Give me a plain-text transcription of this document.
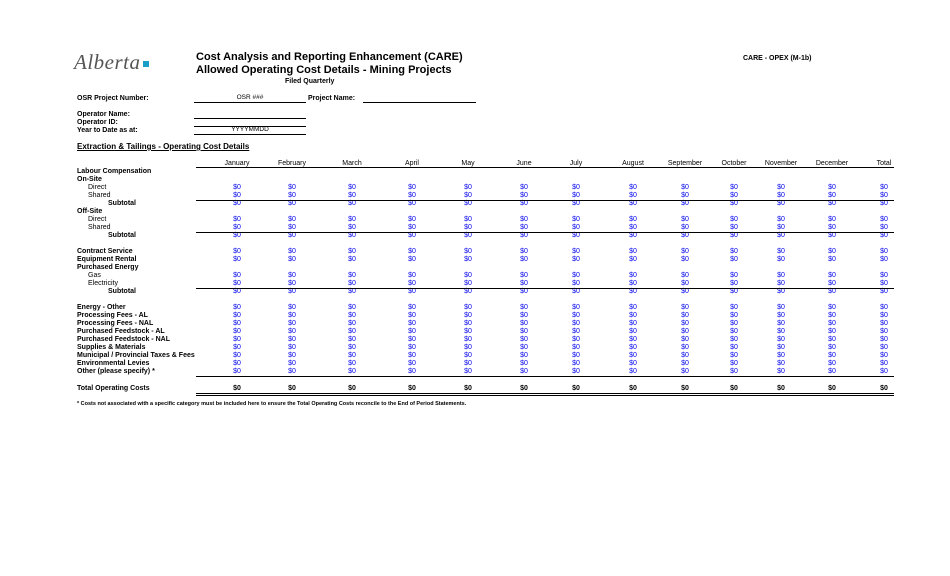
Alberta	Cost Analysis and Reporting Enhancement (CARE)
Allowed Operating Cost Details - Mining Projects
Filed Quarterly
CARE - OPEX (M-1b)
OSR Project Number:	OSR ###	Project Name:
Operator Name:
Operator ID:
Year to Date as at:	YYYYMMDD
Extraction & Tailings - Operating Cost Details
January	February	March	April	May	June	July	August	September	October	November	December	Total
Labour Compensation
On-Site
Direct	$0	$0	$0	$0	$0	$0	$0	$0	$0	$0	$0	$0	$0
Shared	$0	$0	$0	$0	$0	$0	$0	$0	$0	$0	$0	$0	$0
Subtotal	$0	$0	$0	$0	$0	$0	$0	$0	$0	$0	$0	$0	$0
Off-Site
Direct	$0	$0	$0	$0	$0	$0	$0	$0	$0	$0	$0	$0	$0
Shared	$0	$0	$0	$0	$0	$0	$0	$0	$0	$0	$0	$0	$0
Subtotal	$0	$0	$0	$0	$0	$0	$0	$0	$0	$0	$0	$0	$0
Contract Service	$0	$0	$0	$0	$0	$0	$0	$0	$0	$0	$0	$0	$0
Equipment Rental	$0	$0	$0	$0	$0	$0	$0	$0	$0	$0	$0	$0	$0
Purchased Energy
Gas	$0	$0	$0	$0	$0	$0	$0	$0	$0	$0	$0	$0	$0
Electricity	$0	$0	$0	$0	$0	$0	$0	$0	$0	$0	$0	$0	$0
Subtotal	$0	$0	$0	$0	$0	$0	$0	$0	$0	$0	$0	$0	$0
Energy - Other	$0	$0	$0	$0	$0	$0	$0	$0	$0	$0	$0	$0	$0
Processing Fees - AL	$0	$0	$0	$0	$0	$0	$0	$0	$0	$0	$0	$0	$0
Processing Fees - NAL	$0	$0	$0	$0	$0	$0	$0	$0	$0	$0	$0	$0	$0
Purchased Feedstock - AL	$0	$0	$0	$0	$0	$0	$0	$0	$0	$0	$0	$0	$0
Purchased Feedstock - NAL	$0	$0	$0	$0	$0	$0	$0	$0	$0	$0	$0	$0	$0
Supplies & Materials	$0	$0	$0	$0	$0	$0	$0	$0	$0	$0	$0	$0	$0
Municipal / Provincial Taxes & Fees	$0	$0	$0	$0	$0	$0	$0	$0	$0	$0	$0	$0	$0
Environmental Levies	$0	$0	$0	$0	$0	$0	$0	$0	$0	$0	$0	$0	$0
Other (please specify) *	$0	$0	$0	$0	$0	$0	$0	$0	$0	$0	$0	$0	$0
Total Operating Costs	$0	$0	$0	$0	$0	$0	$0	$0	$0	$0	$0	$0	$0
* Costs not associated with a specific category must be included here to ensure the Total Operating Costs reconcile to the End of Period Statements.
